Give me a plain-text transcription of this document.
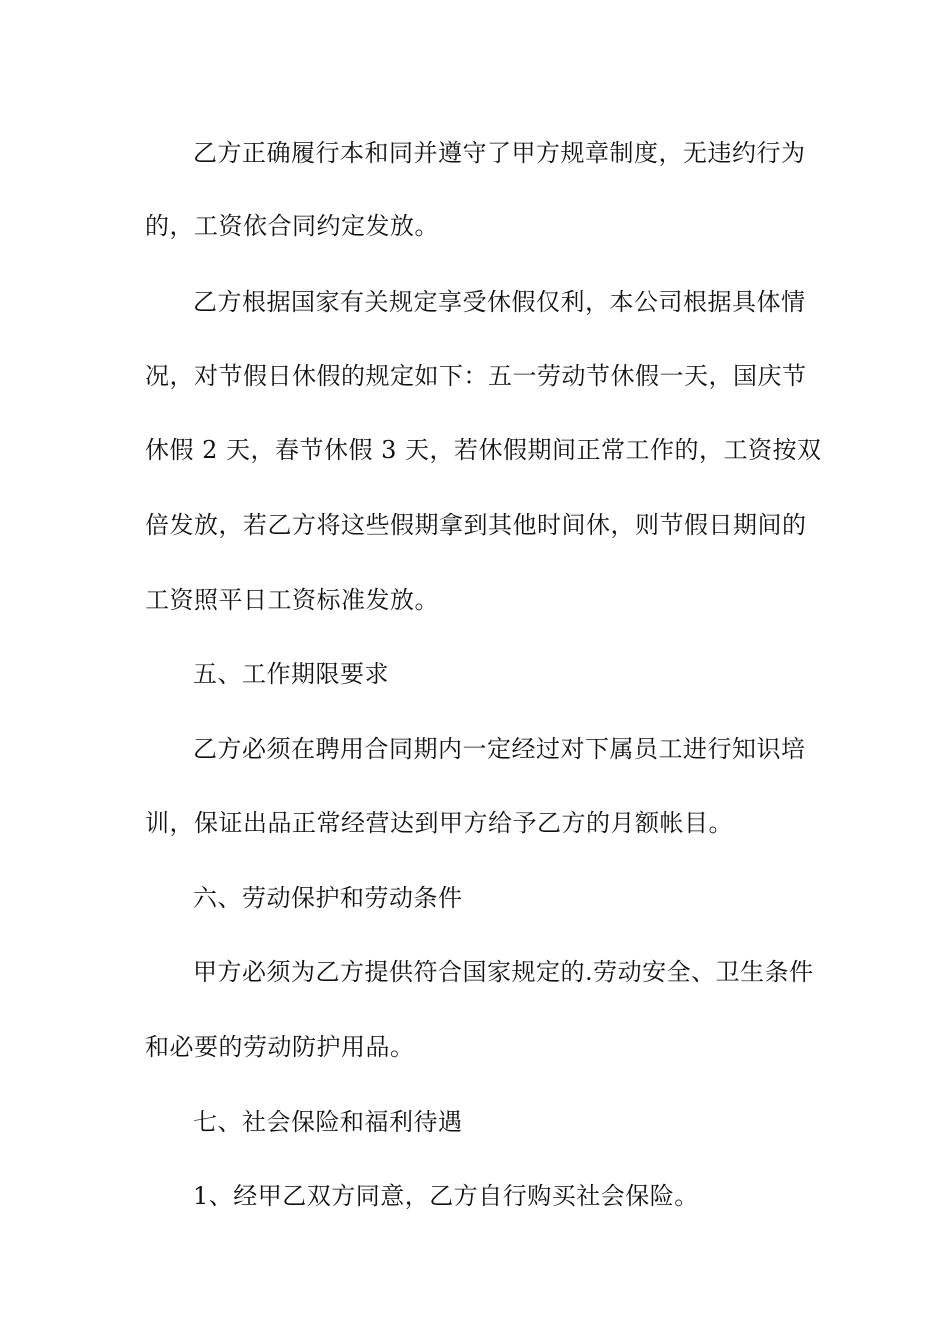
乙方正确履行本和同并遵守了甲方规章制度，无违约行为
的，工资依合同约定发放。
乙方根据国家有关规定享受休假仅利，本公司根据具体情
况，对节假日休假的规定如下：五一劳动节休假一天，国庆节
休假 2 天，春节休假 3 天，若休假期间正常工作的，工资按双
倍发放，若乙方将这些假期拿到其他时间休，则节假日期间的
工资照平日工资标准发放。
五、工作期限要求
乙方必须在聘用合同期内一定经过对下属员工进行知识培
训，保证出品正常经营达到甲方给予乙方的月额帐目。
六、劳动保护和劳动条件
甲方必须为乙方提供符合国家规定的.劳动安全、卫生条件
和必要的劳动防护用品。
七、社会保险和福利待遇
1、经甲乙双方同意，乙方自行购买社会保险。
